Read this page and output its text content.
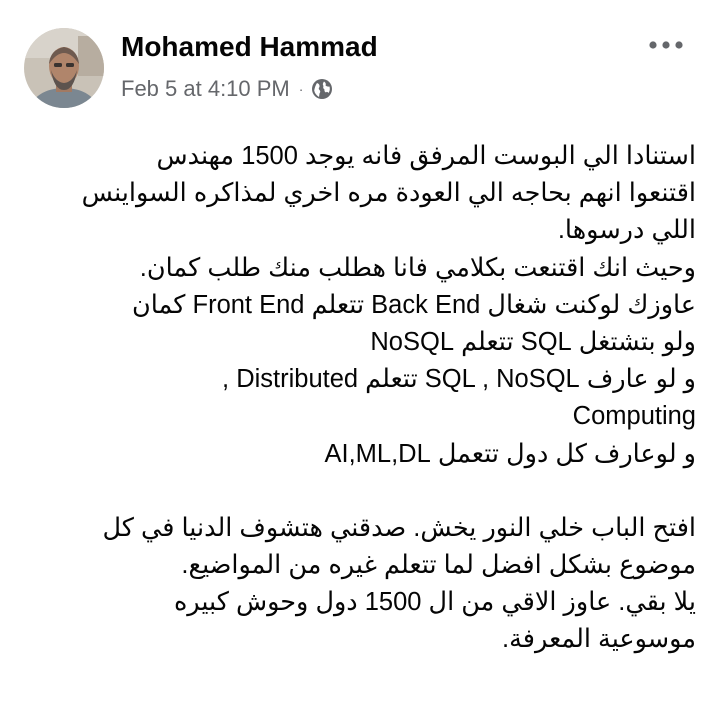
Mohamed Hammad
Feb 5 at 4:10 PM ·
استنادا الي البوست المرفق فانه يوجد 1500 مهندس
اقتنعوا انهم بحاجه الي العودة مره اخري لمذاكره السواينس
اللي درسوها.
وحيث انك اقتنعت بكلامي فانا هطلب منك طلب كمان.
عاوزك لوكنت شغال Back End تتعلم Front End كمان
ولو بتشتغل SQL تتعلم NoSQL
و لو عارف SQL , NoSQL تتعلم Distributed ,
Computing
و لوعارف كل دول تتعمل AI,ML,DL
افتح الباب خلي النور يخش. صدقني هتشوف الدنيا في كل
موضوع بشكل افضل لما تتعلم غيره من المواضيع.
يلا بقي. عاوز الاقي من ال 1500 دول وحوش كبيره
موسوعية المعرفة.
